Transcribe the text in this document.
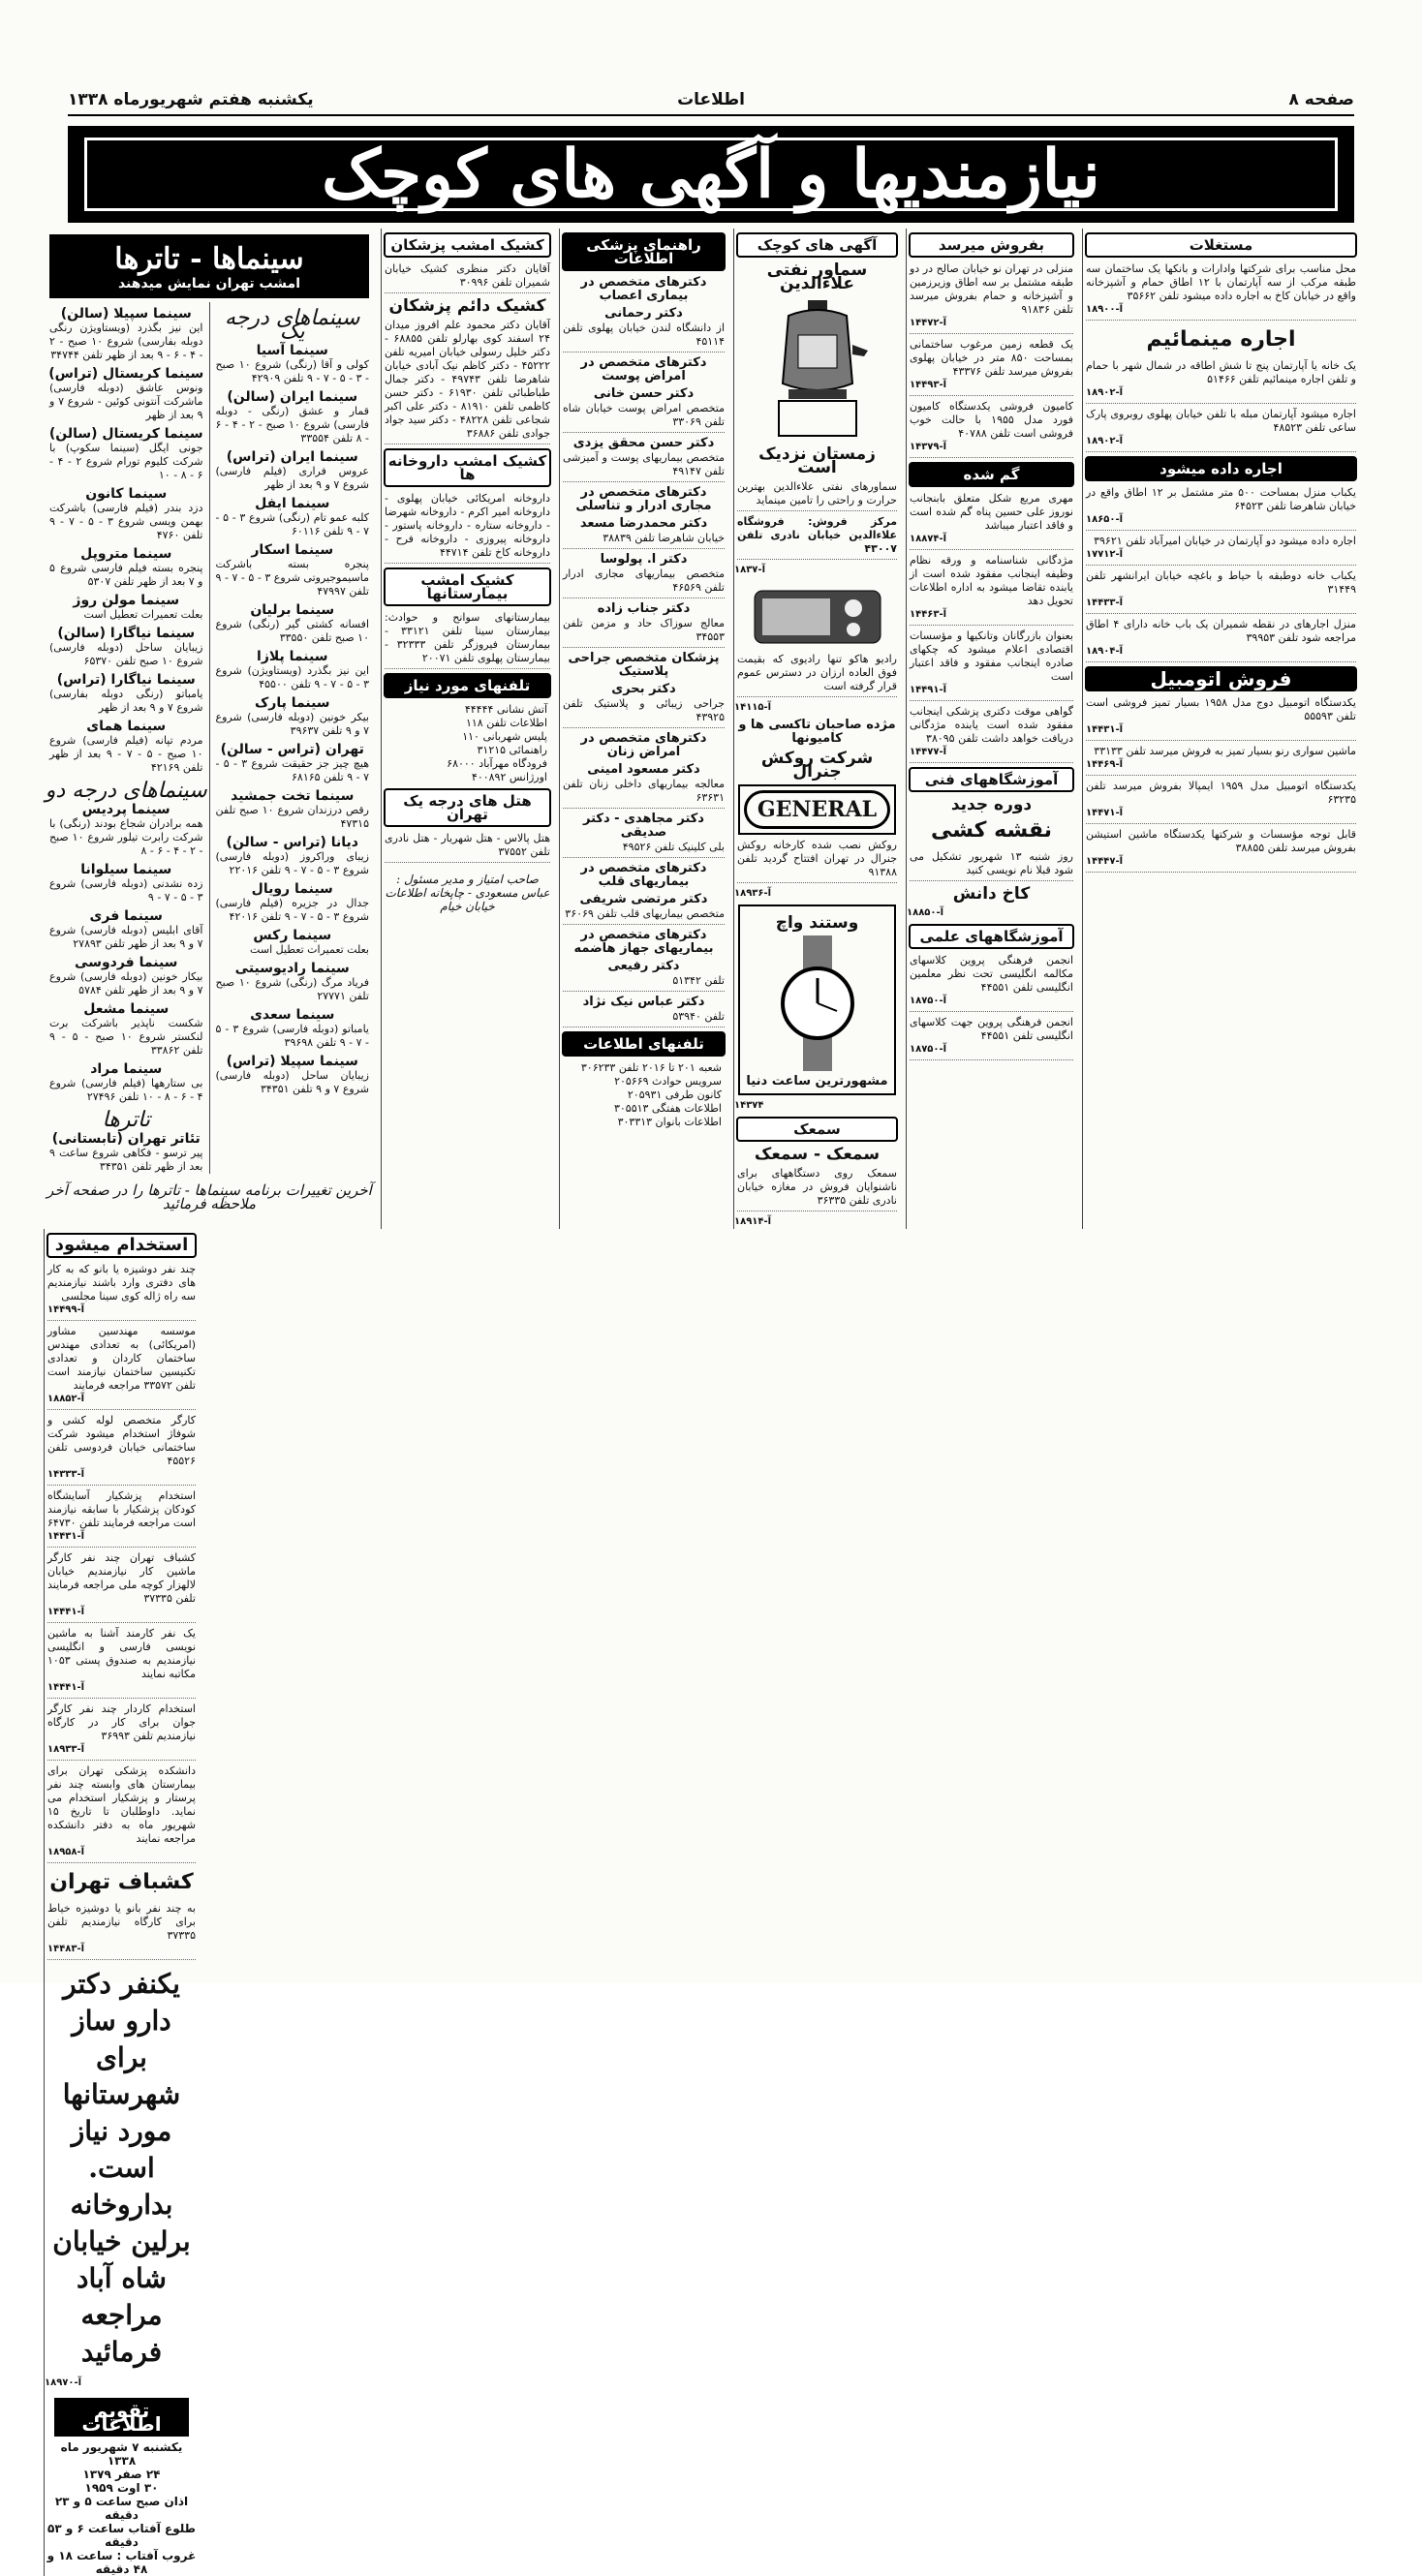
صفحه ۸
اطلاعات
یکشنبه هفتم شهریورماه ۱۳۳۸
نیازمندیها و آگهی های کوچک
سینماها - تاترها
امشب تهران نمایش میدهند
سینما سپیلا (سالن)
این نیز بگذرد (ویستاویژن رنگی دوبله بفارسی) شروع ۱۰ صبح - ۲ - ۴ - ۶ - ۹ بعد از ظهر تلفن ۳۴۷۴۴
سینما کریستال (تراس)
ونوس عاشق (دوبله فارسی) ماشرکت آنتونی کوئین - شروع ۷ و ۹ بعد از ظهر
سینما کریستال (سالن)
جونی ایگل (سینما سکوپ) با شرکت کلیوم تورام شروع ۲ - ۴ - ۶ - ۸ - ۱۰
سینما کانون
دزد بندر (فیلم فارسی) باشرکت بهمن ویسی شروع ۳ - ۵ - ۷ - ۹ تلفن ۴۷۶۰
سینما متروپل
پنجره بسته فیلم فارسی شروع ۵ و ۷ بعد از ظهر تلفن ۵۳۰۷
سینما مولن روژ
بعلت تعمیرات تعطیل است
سینما نیاگارا (سالن)
زیبایان ساحل (دوبله فارسی) شروع ۱۰ صبح تلفن ۶۵۳۷۰
سینما نیاگارا (تراس)
یامباتو (رنگی دوبله بفارسی) شروع ۷ و ۹ بعد از ظهر
سینما همای
مردم تپانه (فیلم فارسی) شروع ۱۰ صبح - ۵ - ۷ - ۹ بعد از ظهر تلفن ۴۲۱۶۹
سینماهای درجه دو
سینما پردیس
همه برادران شجاع بودند (رنگی) با شرکت رابرت تیلور شروع ۱۰ صبح - ۲ - ۴ - ۶ - ۸
سینما سیلوانا
زده نشدنی (دوبله فارسی) شروع ۳ - ۵ - ۷ - ۹
سینما فری
آقای ابلیس (دوبله فارسی) شروع ۷ و ۹ بعد از ظهر تلفن ۲۷۸۹۳
سینما فردوسی
بیکار خونین (دوبله فارسی) شروع ۷ و ۹ بعد از ظهر تلفن ۵۷۸۴
سینما مشعل
شکست ناپذیر باشرکت برت لنکستر شروع ۱۰ صبح - ۵ - ۹ تلفن ۳۳۸۶۲
سینما مراد
بی ستارهها (فیلم فارسی) شروع ۴ - ۶ - ۸ - ۱۰ تلفن ۲۷۴۹۶
تاترها
تئاتر تهران (تابستانی)
پیر ترسو - فکاهی شروع ساعت ۹ بعد از ظهر تلفن ۳۴۳۵۱
سینماهای درجه یک
سینما آسیا
کولی و آقا (رنگی) شروع ۱۰ صبح - ۳ - ۵ - ۷ - ۹ تلفن ۴۲۹۰۹
سینما ایران (سالن)
قمار و عشق (رنگی - دوبله فارسی) شروع ۱۰ صبح - ۲ - ۴ - ۶ - ۸ تلفن ۳۳۵۵۴
سینما ایران (تراس)
عروس فراری (فیلم فارسی) شروع ۷ و ۹ بعد از ظهر
سینما ایفل
کلبه عمو تام (رنگی) شروع ۳ - ۵ - ۷ - ۹ تلفن ۶۰۱۱۶
سینما اسکار
پنجره بسته باشرکت ماسیموجیروتی شروع ۳ - ۵ - ۷ - ۹ تلفن ۴۷۹۹۷
سینما برلیان
افسانه کشتی گیر (رنگی) شروع ۱۰ صبح تلفن ۳۳۵۵۰
سینما پلازا
این نیز بگذرد (ویستاویژن) شروع ۳ - ۵ - ۷ - ۹ تلفن ۴۵۵۰۰
سینما پارک
بیکر خونین (دوبله فارسی) شروع ۷ و ۹ تلفن ۳۹۶۳۷
تهران (تراس - سالن)
هیچ چیز جز حقیقت شروع ۳ - ۵ - ۷ - ۹ تلفن ۶۸۱۶۵
سینما تخت جمشید
رقص درزندان شروع ۱۰ صبح تلفن ۴۷۳۱۵
دیانا (تراس - سالن)
زیبای وراکروز (دوبله فارسی) شروع ۳ - ۵ - ۷ - ۹ تلفن ۲۲۰۱۶
سینما رویال
جدال در جزیره (فیلم فارسی) شروع ۳ - ۵ - ۷ - ۹ تلفن ۴۲۰۱۶
سینما رکس
بعلت تعمیرات تعطیل است
سینما رادیوسیتی
فریاد مرگ (رنگی) شروع ۱۰ صبح تلفن ۲۷۷۷۱
سینما سعدی
یامباتو (دوبله فارسی) شروع ۳ - ۵ - ۷ - ۹ تلفن ۳۹۶۹۸
سینما سپیلا (تراس)
زیبایان ساحل (دوبله فارسی) شروع ۷ و ۹ تلفن ۳۴۳۵۱
آخرین تغییرات برنامه سینماها - تاترها را در صفحه آخر ملاحظه فرمائید
کشیک امشب پزشکان
آقایان دکتر منظری کشیک خیابان شمیران تلفن ۳۰۹۹۶
کشیک دائم پزشکان
آقایان دکتر محمود علم افروز میدان ۲۴ اسفند کوی بهارلو تلفن ۶۸۸۵۵ - دکتر خلیل رسولی خیابان امیریه تلفن ۴۵۲۲۲ - دکتر کاظم نیک آبادی خیابان شاهرضا تلفن ۴۹۷۴۳ - دکتر جمال طباطبائی تلفن ۶۱۹۳۰ - دکتر حسن کاظمی تلفن ۸۱۹۱۰ - دکتر علی اکبر شجاعی تلفن ۴۸۲۲۸ - دکتر سید جواد جوادی تلفن ۳۶۸۸۶
کشیک امشب داروخانه ها
داروخانه امریکائی خیابان پهلوی - داروخانه امیر اکرم - داروخانه شهرضا - داروخانه ستاره - داروخانه پاستور - داروخانه پیروزی - داروخانه فرح - داروخانه کاخ تلفن ۴۴۷۱۴
کشیک امشب بیمارستانها
بیمارستانهای سوانح و حوادث: بیمارستان سینا تلفن ۳۳۱۲۱ - بیمارستان فیروزگر تلفن ۳۲۳۳۳ - بیمارستان پهلوی تلفن ۲۰۰۷۱
تلفنهای مورد نیاز
آتش نشانی ۴۴۴۴۴
اطلاعات تلفن ۱۱۸
پلیس شهربانی ۱۱۰
راهنمائی ۳۱۲۱۵
فرودگاه مهرآباد ۶۸۰۰۰
اورژانس ۴۰۰۸۹۲
هتل های درجه یک تهران
هتل پالاس - هتل شهریار - هتل نادری تلفن ۳۷۵۵۲
صاحب امتیاز و مدیر مسئول : عباس مسعودی - چاپخانه اطلاعات خیابان خیام
راهنمای پزشکی اطلاعات
دکترهای متخصص در بیماری اعصاب
دکتر رحمانی
از دانشگاه لندن خیابان پهلوی تلفن ۴۵۱۱۴
دکترهای متخصص در امراض پوست
دکتر حسن خانی
متخصص امراض پوست خیابان شاه تلفن ۳۳۰۶۹
دکتر حسن محقق یزدی
متخصص بیماریهای پوست و آمیزشی تلفن ۴۹۱۴۷
دکترهای متخصص در مجاری ادرار و تناسلی
دکتر محمدرضا مسعد
خیابان شاهرضا تلفن ۳۸۸۳۹
دکتر ا. پولوسا
متخصص بیماریهای مجاری ادرار تلفن ۴۶۵۶۹
دکتر جناب زاده
معالج سوزاک حاد و مزمن تلفن ۳۴۵۵۳
پزشکان متخصص جراحی پلاستیک
دکتر بحری
جراحی زیبائی و پلاستیک تلفن ۴۳۹۲۵
دکترهای متخصص در امراض زنان
دکتر مسعود امینی
معالجه بیماریهای داخلی زنان تلفن ۶۳۶۳۱
دکتر مجاهدی - دکتر صدیقی
بلی کلینیک تلفن ۴۹۵۲۶
دکترهای متخصص در بیماریهای قلب
دکتر مرتضی شریفی
متخصص بیماریهای قلب تلفن ۳۶۰۶۹
دکترهای متخصص در بیماریهای جهاز هاضمه
دکتر رفیعی
تلفن ۵۱۳۴۲
دکتر عباس نیک نژاد
تلفن ۵۳۹۴۰
تلفنهای اطلاعات
شعبه ۲۰۱ تا ۲۰۱۶ تلفن ۳۰۶۲۳۳
سرویس حوادث ۲۰۵۶۶۹
کانون طرفی ۲۰۵۹۳۱
اطلاعات هفتگی ۳۰۵۵۱۳
اطلاعات بانوان ۳۰۳۳۱۳
آگهی های کوچک
سماور نفتی علاءالدین
زمستان نزدیک است
سماورهای نفتی علاءالدین بهترین حرارت و راحتی را تامین مینماید
مرکز فروش: فروشگاه علاءالدین خیابان نادری تلفن ۴۳۰۰۷
آ-۱۸۳۷
رادیو هاکو تنها رادیوی که بقیمت فوق العاده ارزان در دسترس عموم قرار گرفته است
آ-۱۴۱۱۵
مژده صاحبان تاکسی ها و کامیونها
شرکت روکش جنرال
GENERAL
روکش نصب شده کارخانه روکش جنرال در تهران افتتاح گردید تلفن ۹۱۳۸۸
آ-۱۸۹۳۶
وستند واچ
مشهورترین ساعت دنیا
۱۴۳۷۴
سمعک
سمعک - سمعک
سمعک روی دستگاههای برای ناشنوایان فروش در مغازه خیابان نادری تلفن ۳۶۳۳۵
آ-۱۸۹۱۴
بفروش میرسد
منزلی در تهران نو خیابان صالح در دو طبقه مشتمل بر سه اطاق وزیرزمین و آشپزخانه و حمام بفروش میرسد تلفن ۹۱۸۳۶
آ-۱۴۴۷۲
یک قطعه زمین مرغوب ساختمانی بمساحت ۸۵۰ متر در خیابان پهلوی بفروش میرسد تلفن ۴۳۳۷۶
آ-۱۴۴۹۳
کامیون فروشی یکدستگاه کامیون فورد مدل ۱۹۵۵ با حالت خوب فروشی است تلفن ۴۰۷۸۸
آ-۱۴۳۷۹
گم شده
مهری مربع شکل متعلق بابنجانب نوروز علی حسین پناه گم شده است و فاقد اعتبار میباشد
آ-۱۸۸۷۴
مژدگانی شناسنامه و ورقه نظام وظیفه اینجانب مفقود شده است از یابنده تقاضا میشود به اداره اطلاعات تحویل دهد
آ-۱۴۴۶۳
بعنوان بازرگانان وتانکیها و مؤسسات اقتصادی اعلام میشود که چکهای صادره اینجانب مفقود و فاقد اعتبار است
آ-۱۴۴۹۱
گواهی موقت دکتری پزشکی اینجانب مفقود شده است یابنده مژدگانی دریافت خواهد داشت تلفن ۳۸۰۹۵
آ-۱۴۴۷۷
آموزشگاههای فنی
دوره جدید
نقشه کشی
روز شنبه ۱۳ شهریور تشکیل می شود قبلا نام نویسی کنید
کاخ دانش
آ-۱۸۸۵۰
آموزشگاههای علمی
انجمن فرهنگی پروین کلاسهای مکالمه انگلیسی تحت نظر معلمین انگلیسی تلفن ۴۴۵۵۱
آ-۱۸۷۵۰
انجمن فرهنگی پروین جهت کلاسهای انگلیسی تلفن ۴۴۵۵۱
آ-۱۸۷۵۰
مستغلات
محل مناسب برای شرکتها وادارات و بانکها یک ساختمان سه طبقه مرکب از سه آپارتمان با ۱۲ اطاق حمام و آشپزخانه واقع در خیابان کاخ به اجاره داده میشود تلفن ۳۵۶۶۲
آ-۱۸۹۰۰
اجاره مینمائیم
یک خانه یا آپارتمان پنج تا شش اطاقه در شمال شهر با حمام و تلفن اجاره مینمائیم تلفن ۵۱۴۶۶
آ-۱۸۹۰۲
اجاره میشود آپارتمان مبله با تلفن خیابان پهلوی روبروی پارک ساعی تلفن ۴۸۵۲۳
آ-۱۸۹۰۲
اجاره داده میشود
یکباب منزل بمساحت ۵۰۰ متر مشتمل بر ۱۲ اطاق واقع در خیابان شاهرضا تلفن ۶۴۵۲۳
آ-۱۸۶۵۰
اجاره داده میشود دو آپارتمان در خیابان امیرآباد تلفن ۳۹۶۲۱
آ-۱۷۷۱۲
یکباب خانه دوطبقه با حیاط و باغچه خیابان ایرانشهر تلفن ۳۱۴۴۹
آ-۱۴۴۳۳
منزل اجارهای در نقطه شمیران یک باب خانه دارای ۴ اطاق مراجعه شود تلفن ۳۹۹۵۳
آ-۱۸۹۰۴
فروش اتومبیل
یکدستگاه اتومبیل دوج مدل ۱۹۵۸ بسیار تمیز فروشی است تلفن ۵۵۵۹۳
آ-۱۴۴۳۱
ماشین سواری رنو بسیار تمیز به فروش میرسد تلفن ۳۳۱۳۳
آ-۱۴۴۶۹
یکدستگاه اتومبیل مدل ۱۹۵۹ ایمپالا بفروش میرسد تلفن ۶۳۲۳۵
آ-۱۴۴۷۱
قابل توجه مؤسسات و شرکتها یکدستگاه ماشین استیشن بفروش میرسد تلفن ۳۸۸۵۵
آ-۱۴۴۴۷
استخدام میشود
چند نفر دوشیزه یا بانو که به کار های دفتری وارد باشند نیازمندیم سه راه ژاله کوی سینا مجلسی
آ-۱۴۴۹۹
موسسه مهندسین مشاور (امریکائی) به تعدادی مهندس ساختمان کاردان و تعدادی تکنیسین ساختمان نیازمند است تلفن ۳۳۵۷۲ مراجعه فرمایند
آ-۱۸۸۵۲
کارگر متخصص لوله کشی و شوفاژ استخدام میشود شرکت ساختمانی خیابان فردوسی تلفن ۴۵۵۲۶
آ-۱۴۳۳۳
استخدام پزشکیار آسایشگاه کودکان پزشکیار با سابقه نیازمند است مراجعه فرمایند تلفن ۶۴۷۳۰
آ-۱۴۴۳۱
کشباف تهران چند نفر کارگر ماشین کار نیازمندیم خیابان لالهزار کوچه ملی مراجعه فرمایند تلفن ۳۷۳۳۵
آ-۱۴۴۴۱
یک نفر کارمند آشنا به ماشین نویسی فارسی و انگلیسی نیازمندیم به صندوق پستی ۱۰۵۳ مکاتبه نمایند
آ-۱۴۴۴۱
استخدام کاردار چند نفر کارگر جوان برای کار در کارگاه نیازمندیم تلفن ۳۶۹۹۳
آ-۱۸۹۳۳
دانشکده پزشکی تهران برای بیمارستان های وابسته چند نفر پرستار و پزشکیار استخدام می نماید. داوطلبان تا تاریخ ۱۵ شهریور ماه به دفتر دانشکده مراجعه نمایند
آ-۱۸۹۵۸
کشباف تهران
به چند نفر بانو یا دوشیزه خیاط برای کارگاه نیازمندیم تلفن ۳۷۳۳۵
آ-۱۴۴۸۳
یکنفر دکتر دارو ساز برای شهرستانها مورد نیاز است. بداروخانه برلین خیابان شاه آباد مراجعه فرمائید
آ-۱۸۹۷۰
تقویم اطلاعات
یکشنبه ۷ شهریور ماه ۱۳۳۸
۲۴ صفر ۱۳۷۹
۳۰ اوت ۱۹۵۹
اذان صبح ساعت ۵ و ۲۳ دقیقه
طلوع آفتاب ساعت ۶ و ۵۳ دقیقه
غروب آفتاب : ساعت ۱۸ و ۴۸ دقیقه
